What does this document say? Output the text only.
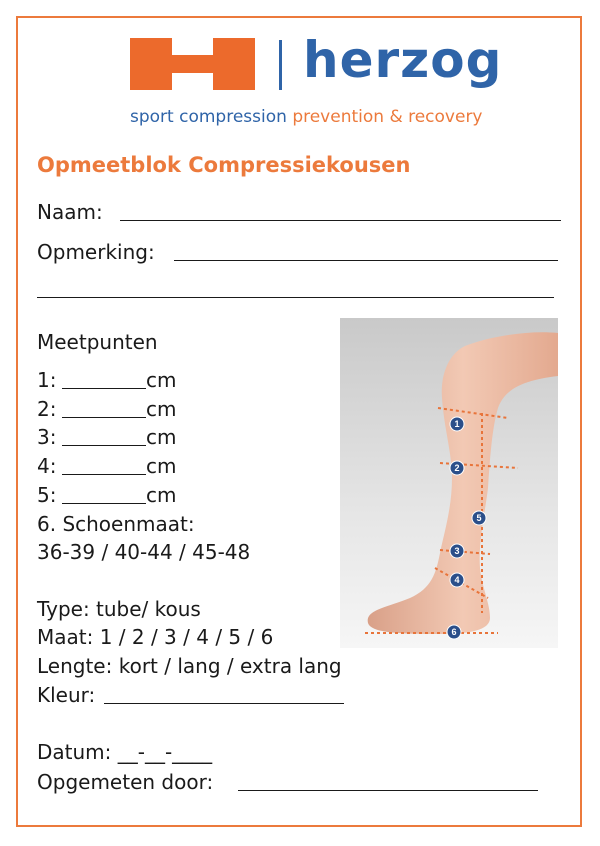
herzog
sport compression prevention & recovery
Opmeetblok Compressiekousen
Naam:
Opmerking:
Meetpunten
1:	cm
2:	cm
3:	cm
4:	cm
5:	cm
6. Schoenmaat:
36-39 / 40-44 / 45-48
Type: tube/ kous
Maat: 1 / 2 / 3 / 4 / 5 / 6
Lengte: kort / lang / extra lang
Kleur:
Datum: __-__-____
Opgemeten door:
1
2
3
4
5
6
